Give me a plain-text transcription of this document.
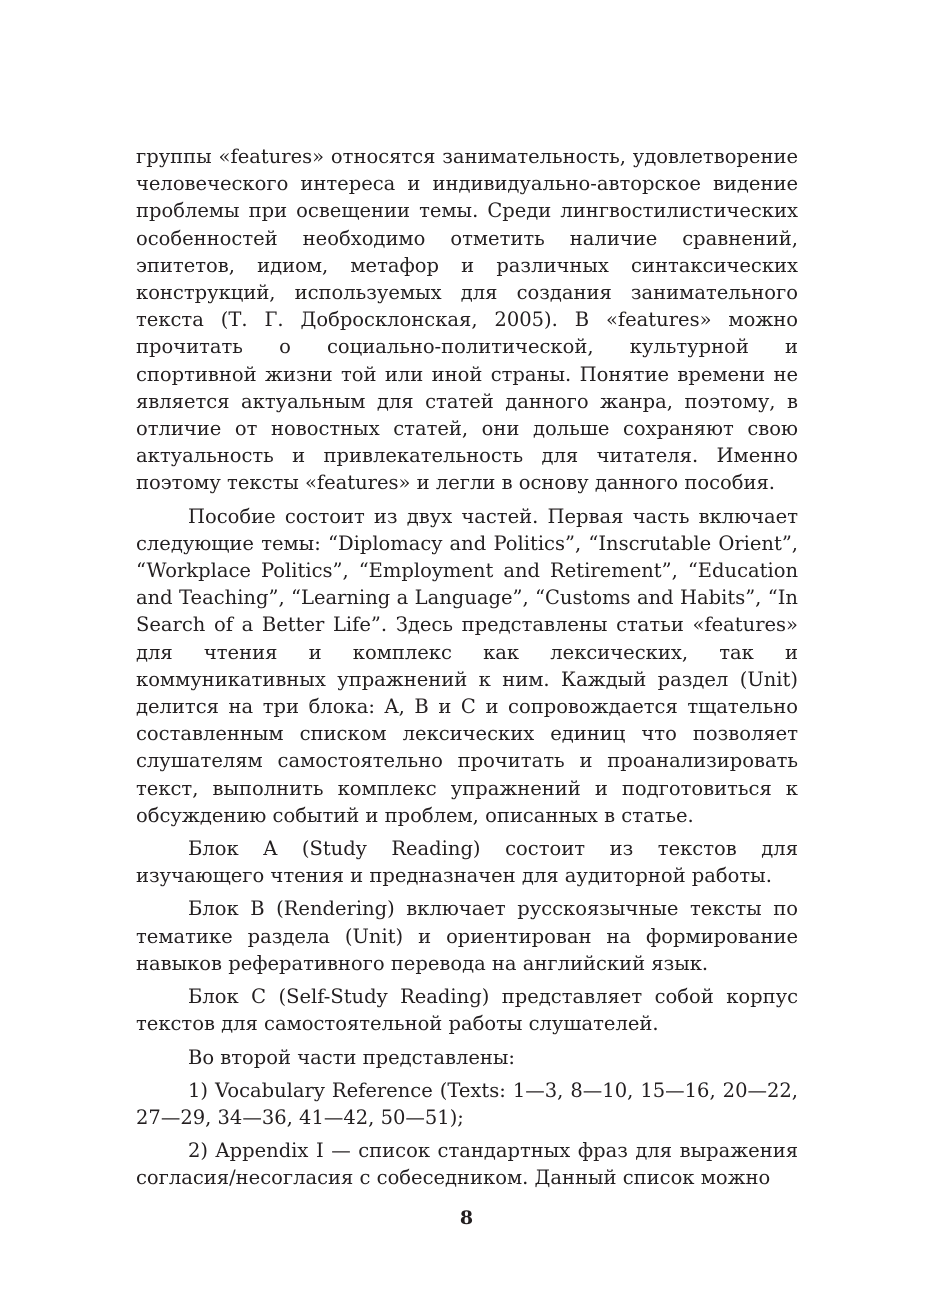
группы «features» относятся занимательность, удовлетворение человеческого интереса и индивидуально-авторское видение проблемы при освещении темы. Среди лингвостилистических особенностей необходимо отметить наличие сравнений, эпитетов, идиом, метафор и различных синтаксических конструкций, используемых для создания занимательного текста (Т. Г. Добросклонская, 2005). В «features» можно прочитать о социально-политической, культурной и спортивной жизни той или иной страны. Понятие времени не является актуальным для статей данного жанра, поэтому, в отличие от новостных статей, они дольше сохраняют свою актуальность и привлекательность для читателя. Именно поэтому тексты «features» и легли в основу данного пособия.

Пособие состоит из двух частей. Первая часть включает следующие темы: “Diplomacy and Politics”, “Inscrutable Orient”, “Workplace Politics”, “Employment and Retirement”, “Education and Teaching”, “Learning a Language”, “Customs and Habits”, “In Search of a Better Life”. Здесь представлены статьи «features» для чтения и комплекс как лексических, так и коммуникативных упражнений к ним. Каждый раздел (Unit) делится на три блока: A, B и C и сопровождается тщательно составленным списком лексических единиц что позволяет слушателям самостоятельно прочитать и проанализировать текст, выполнить комплекс упражнений и подготовиться к обсуждению событий и проблем, описанных в статье.

Блок A (Study Reading) состоит из текстов для изучающего чтения и предназначен для аудиторной работы.

Блок B (Rendering) включает русскоязычные тексты по тематике раздела (Unit) и ориентирован на формирование навыков реферативного перевода на английский язык.

Блок C (Self-Study Reading) представляет собой корпус текстов для самостоятельной работы слушателей.

Во второй части представлены:

1) Vocabulary Reference (Texts: 1—3, 8—10, 15—16, 20—22, 27—29, 34—36, 41—42, 50—51);

2) Appendix I — список стандартных фраз для выражения согласия/несогласия с собеседником. Данный список можно

8
